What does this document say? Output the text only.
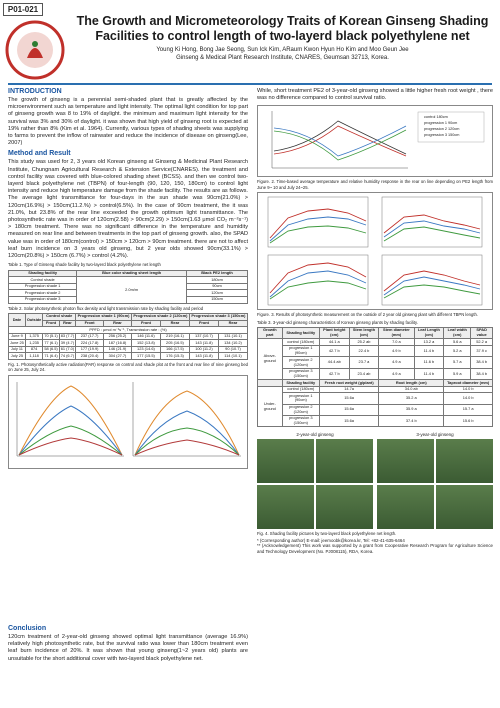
P01-021
The Growth and Micrometeorology Traits of Korean Ginseng Shading
Facilities to control length of two-layerd black polyethylene net
Young Ki Hong, Bong Jae Seong, Sun Ick Kim, ARaum Kwon Hyun Ho Kim and Moo Geun Jee
Ginseng & Medical Plant Research Institute, CNARES, Geumsan 32713, Korea.
INTRODUCTION
The growth of ginseng is a perennial semi-shaded plant that is greatly affected by the microenvironment such as temperature and light intensity. The optimal light condition for top part of ginseng growth was 8 to 19% of daylight. the minimum and maximum light intensity for the survival was 3% and 30% of daylight. it was shown that high yield of ginseng root is expected at 19% rather than 8% (Kim et al. 1964). Currently, various types of shading sheets was supplying to farms to prevent the inflow of rainwater and reduce the incidence of disease on ginseng(Lee, 2007)
Method and Result
This study was used for 2, 3 years old Korean ginseng at Ginseng & Medicinal Plant Research Institute, Chungnam Agricultural Research & Extension Service(CNARES). the treatment and control facility was covered with blue-colored shading sheet (BCSS). and then we control two-layerd black polyethylene net (TBPN) of four-length (90, 120, 150, 180cm) to control light intensity and reduce high temperature damage from the shade facility. The results are as follows. The average light transmittance for four-days in the sun shade was 90cm(21.0%) > 120cm(16.9%) > 150cm(11.2.%) > control(6.5%). In the case of 90cm treatment, the it was 21.0%, but 23.8% of the rear line exceeded the growth optimum light transmittance. The photosynthetic rate was in order of 120cm(2.58) > 90cm(2.29) > 150cm(1.63 μmol CO₂ m⁻²s⁻¹) > 180cm treatment. There was no significant difference in the temperature and humidity measured on rear line and between treatments in the top part of ginseng growth. also, the SPAD value was in order of 180cm(control) > 150cm > 120cm > 90cm treatment. there are not to affect leaf burn incidence on 3 years old ginseng, but 2 year olds showed 90cm(33.1%) > 120cm(20.8%) > 150cm (6.7%) > control (4.2%).
Table 1. Type of Ginseng shade facility by two-layerd black polyethylene net length
Shading facility	Blue color shading sheet length	Black PE2 length
Control shade	2.0m/m	180cm
Progression shade 1		90cm
Progression shade 2		120cm
Progression shade 3		150cm
Table 2. Solar photosynthetic photon flux density and light transmission rate by shading facility and period
Date	Outside	Control shade		Progression shade 1 (90cm)		Progression shade 2 (120cm)		Progression shade 3 (150cm)	
		Front	Rear	Front	Rear	Front	Rear	Front	Rear
PPFD : μmol m⁻²s⁻¹, Transmission rate : (%)									
June 9	1,375	70 (5.1)	83 (7.7)	237 (17.7)	256 (25.2)	146 (11.6)	219 (16.1)	137 (10.7)	131 (10.1)
June 25	1,235	77 (6.1)	39 (4.7)	224 (17.8)	187 (16.8)	152 (13.8)	205 (16.5)	143 (11.8)	134 (10.2)
July 11	874	58 (6.5)	61 (7.0)	177 (19.9)	146 (21.9)	123 (14.6)	166 (17.5)	100 (11.2)	90 (10.7)
July 25	1,118	71 (6.4)	74 (6.7)	238 (20.4)	304 (27.7)	177 (15.5)	176 (15.3)	143 (11.8)	114 (10.1)
Fig. 1. Photosynthetically active radiation(PAR) response on control and shade plot at the front and rear line of nine ginseng bed on June 25, July 24.
Conclusion
120cm treatment of 2-year-old ginseng showed optimal light transmittance (average 16.9%) relatively high photosynthetic rate, but the survival ratio was lower than 180cm treatment even leaf burn incidence of 20%. It was shown that young ginseng(1~2 years old) plants are unsuitable for the short additional cover with two-layerd black polyethylene net.
While, short treatment PE2 of 3-year-old ginseng showed a little higher fresh root weight , there was no difference compared to control survival ratio.
control 180cm
progression 1 90cm
progression 2 120cm
progression 3 150cm
Figure. 2. Time-based average temperature and relative humidity response in the rear on line depending on PE2 length from June 9~ 10 and July 24~25.
Figure. 3. Results of photosynthetic measurement on the outside of 2 year old ginseng plant with different TBPN length.
Table 3. 3-year-old ginseng characteristics of Korean ginseng plants by shading facility.
Growth part	Shading facility	Plant height (cm)	Stem length (cm)	Stem diameter (mm)	Leaf Length (cm)	Leaf width (cm)	SPAD value
Above-ground	control (180cm)	44.1 a	25.2 ab	7.0 a	13.2 a	5.6 a	52.2 a
	progression 1 (90cm)	42.7 b	22.4 b	4.9 b	11.4 b	5.2 a	37.9 c
	progression 2 (120cm)	44.4 ab	23.7 a	4.9 a	11.6 b	5.7 a	38.4 b
	progression 3 (150cm)	42.7 b	23.4 ab	4.9 a	11.4 b	5.9 a	38.4 b
	Shading facility	Fresh root weight (g/plant)		Root length (cm)		Taproot diameter (mm)	
Under-ground	control (180cm)	14.7a		34.0 ab		14.0 b	
	progression 1 (90cm)	15.6a		35.2 a		14.0 b	
	progression 2 (120cm)	15.6a		35.9 a		15.7 a	
	progression 3 (150cm)	15.6a		37.4 b		15.6 b	
2-year-old ginseng	3-year-old ginseng
Fig. 4. Shading facility pictures by two-layerd black polyethylene net length.
* (Corresponding author) E-mail: jeemoobk@korea.kr, Tel: +82-41-635-6464
** (Acknowledgement) This work was supported by a grant from Cooperative Research Program for Agriculture Science and Technology Development (No. PJ008115), RDA, Korea.
